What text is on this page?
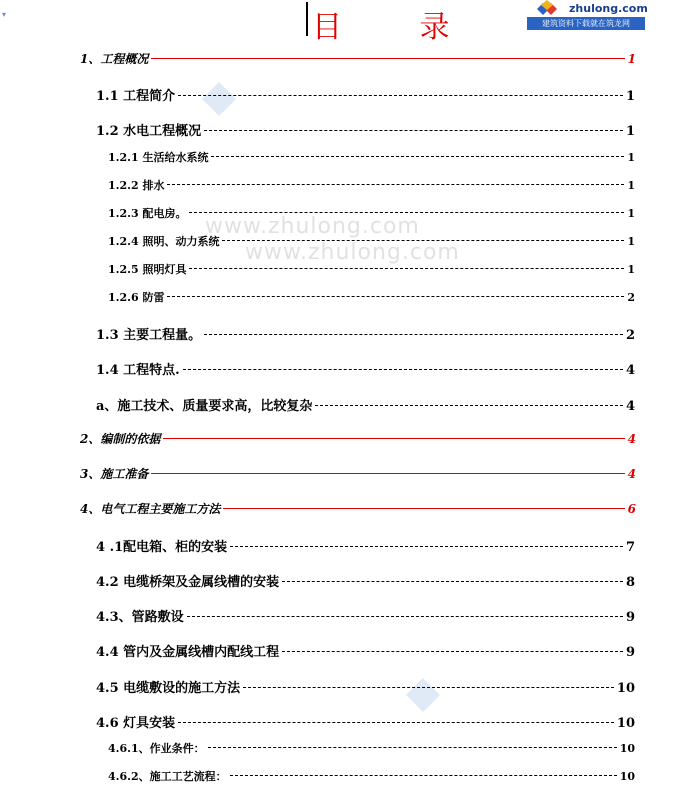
▾	目 录
zhulong.com
建筑资料下载就在筑龙网
www.zhulong.com
www.zhulong.com
1、工程概况	1
1.1 工程简介	1
1.2 水电工程概况	1
1.2.1 生活给水系统	1
1.2.2 排水	1
1.2.3 配电房。	1
1.2.4 照明、动力系统	1
1.2.5 照明灯具	1
1.2.6 防雷	2
1.3 主要工程量。	2
1.4 工程特点.	4
a、施工技术、质量要求高，比较复杂	4
2、编制的依据	4
3、施工准备	4
4、电气工程主要施工方法	6
4 .1配电箱、柜的安装	7
4.2 电缆桥架及金属线槽的安装	8
4.3、管路敷设	9
4.4 管内及金属线槽内配线工程	9
4.5 电缆敷设的施工方法	10
4.6 灯具安装	10
4.6.1、作业条件：	10
4.6.2、施工工艺流程：	10
